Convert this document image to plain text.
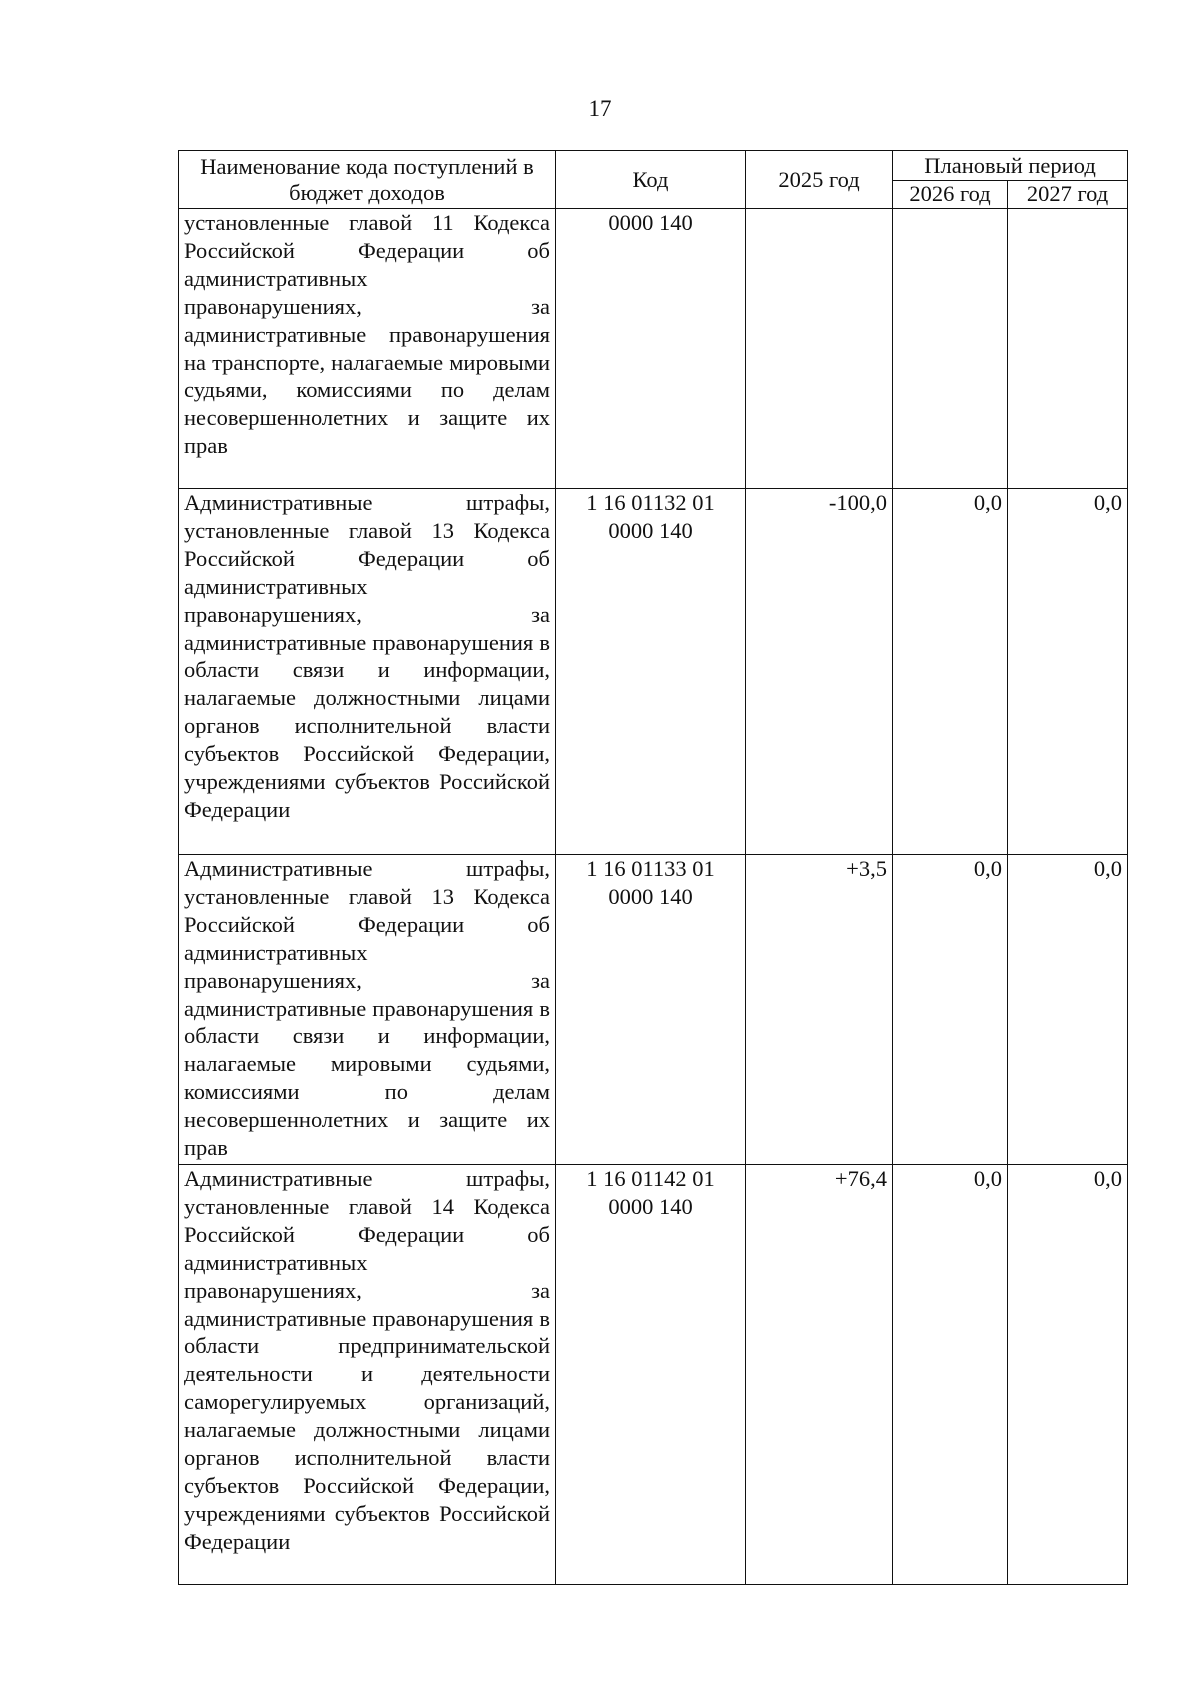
17
Наименование кода поступлений в бюджет доходов	Код	2025 год	Плановый период	
			2026 год	2027 год
установленные главой 11 Кодекса Российской Федерации об административных правонарушениях, за административные правонарушения на транспорте, налагаемые мировыми судьями, комиссиями по делам несовершеннолетних и защите их прав	0000 140			
Административные штрафы, установленные главой 13 Кодекса Российской Федерации об административных правонарушениях, за административные правонарушения в области связи и информации, налагаемые должностными лицами органов исполнительной власти субъектов Российской Федерации, учреждениями субъектов Российской Федерации	1 16 01132 01 0000 140	-100,0	0,0	0,0
Административные штрафы, установленные главой 13 Кодекса Российской Федерации об административных правонарушениях, за административные правонарушения в области связи и информации, налагаемые мировыми судьями, комиссиями по делам несовершеннолетних и защите их прав	1 16 01133 01 0000 140	+3,5	0,0	0,0
Административные штрафы, установленные главой 14 Кодекса Российской Федерации об административных правонарушениях, за административные правонарушения в области предпринимательской деятельности и деятельности саморегулируемых организаций, налагаемые должностными лицами органов исполнительной власти субъектов Российской Федерации, учреждениями субъектов Российской Федерации	1 16 01142 01 0000 140	+76,4	0,0	0,0
